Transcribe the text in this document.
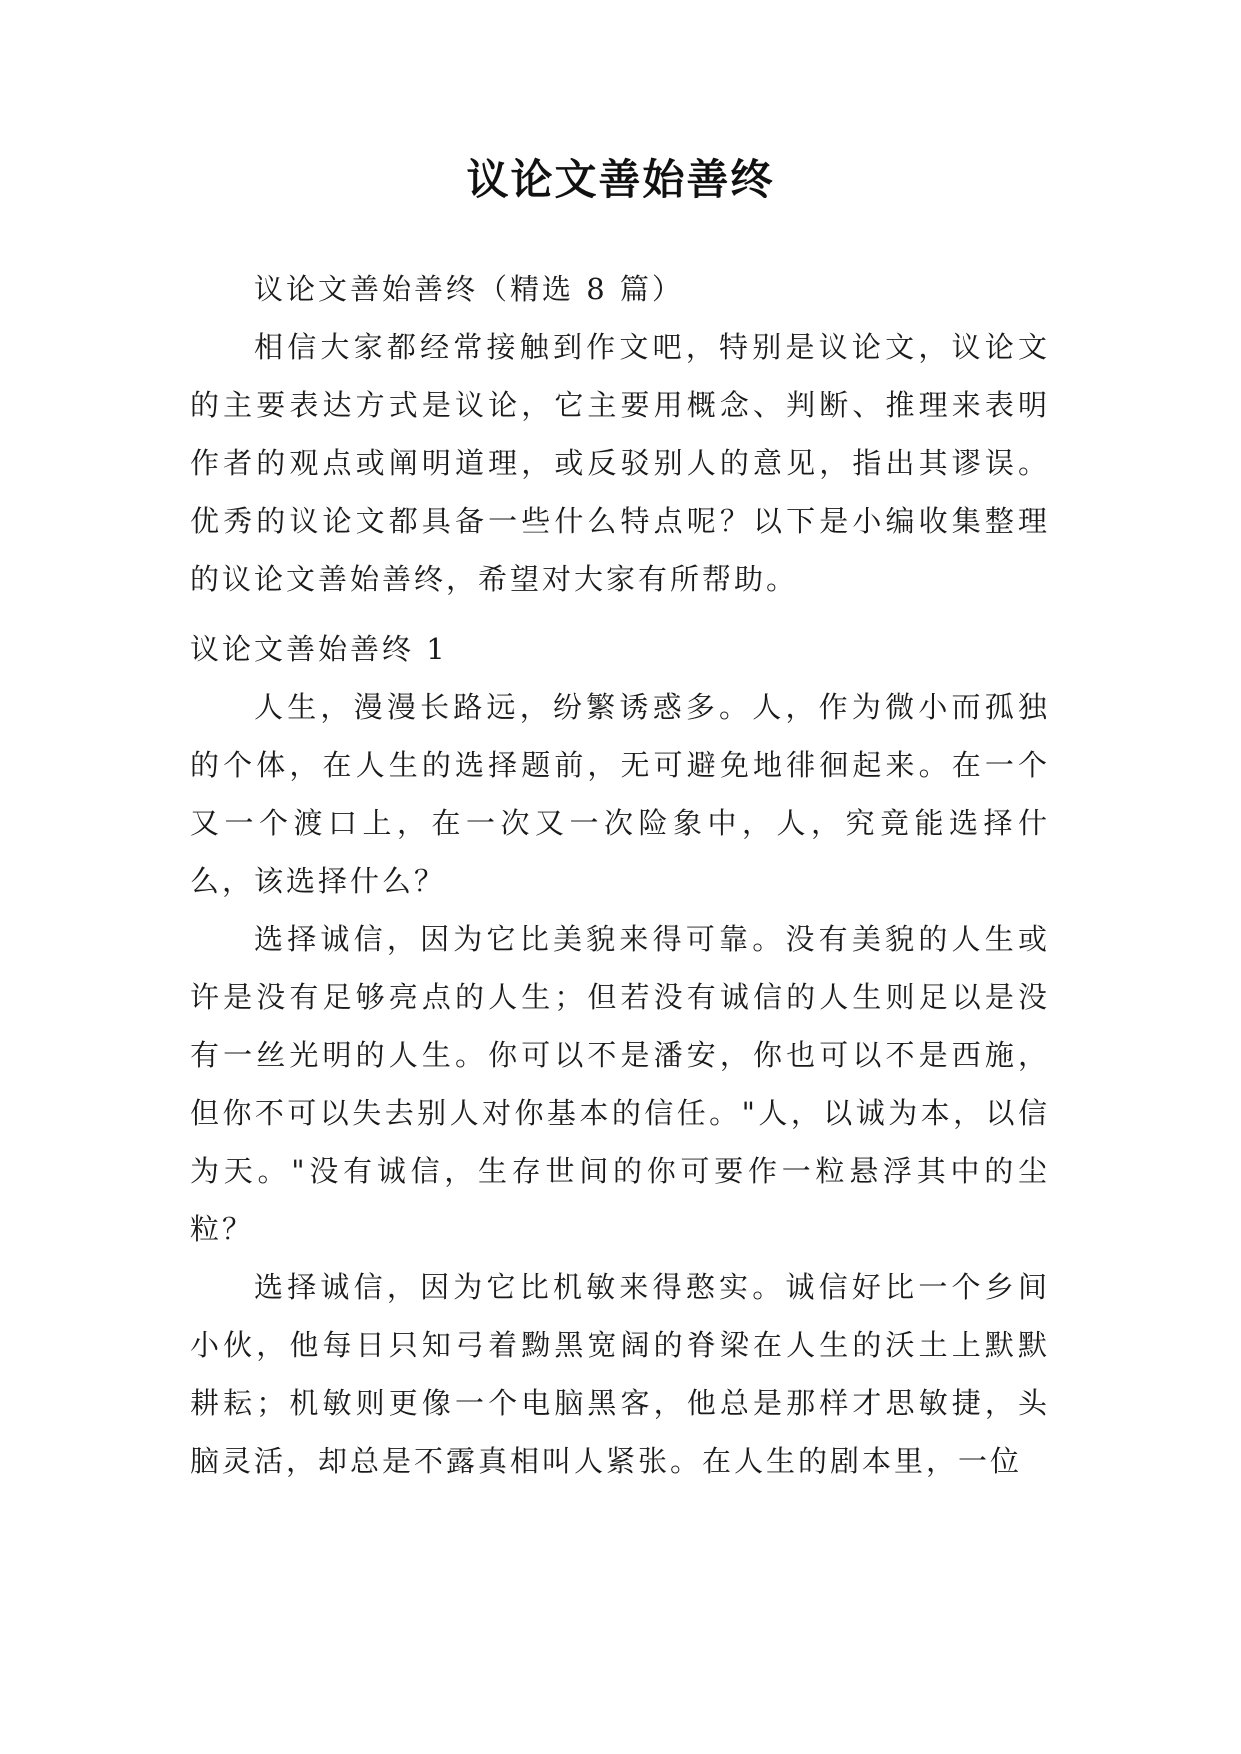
议论文善始善终

议论文善始善终（精选 8 篇）

相信大家都经常接触到作文吧，特别是议论文，议论文的主要表达方式是议论，它主要用概念、判断、推理来表明作者的观点或阐明道理，或反驳别人的意见，指出其谬误。优秀的议论文都具备一些什么特点呢？以下是小编收集整理的议论文善始善终，希望对大家有所帮助。

议论文善始善终 1

人生，漫漫长路远，纷繁诱惑多。人，作为微小而孤独的个体，在人生的选择题前，无可避免地徘徊起来。在一个又一个渡口上，在一次又一次险象中，人，究竟能选择什么，该选择什么？

选择诚信，因为它比美貌来得可靠。没有美貌的人生或许是没有足够亮点的人生；但若没有诚信的人生则足以是没有一丝光明的人生。你可以不是潘安，你也可以不是西施，但你不可以失去别人对你基本的信任。"人，以诚为本，以信为天。"没有诚信，生存世间的你可要作一粒悬浮其中的尘粒？

选择诚信，因为它比机敏来得憨实。诚信好比一个乡间小伙，他每日只知弓着黝黑宽阔的脊梁在人生的沃土上默默耕耘；机敏则更像一个电脑黑客，他总是那样才思敏捷，头脑灵活，却总是不露真相叫人紧张。在人生的剧本里，一位
